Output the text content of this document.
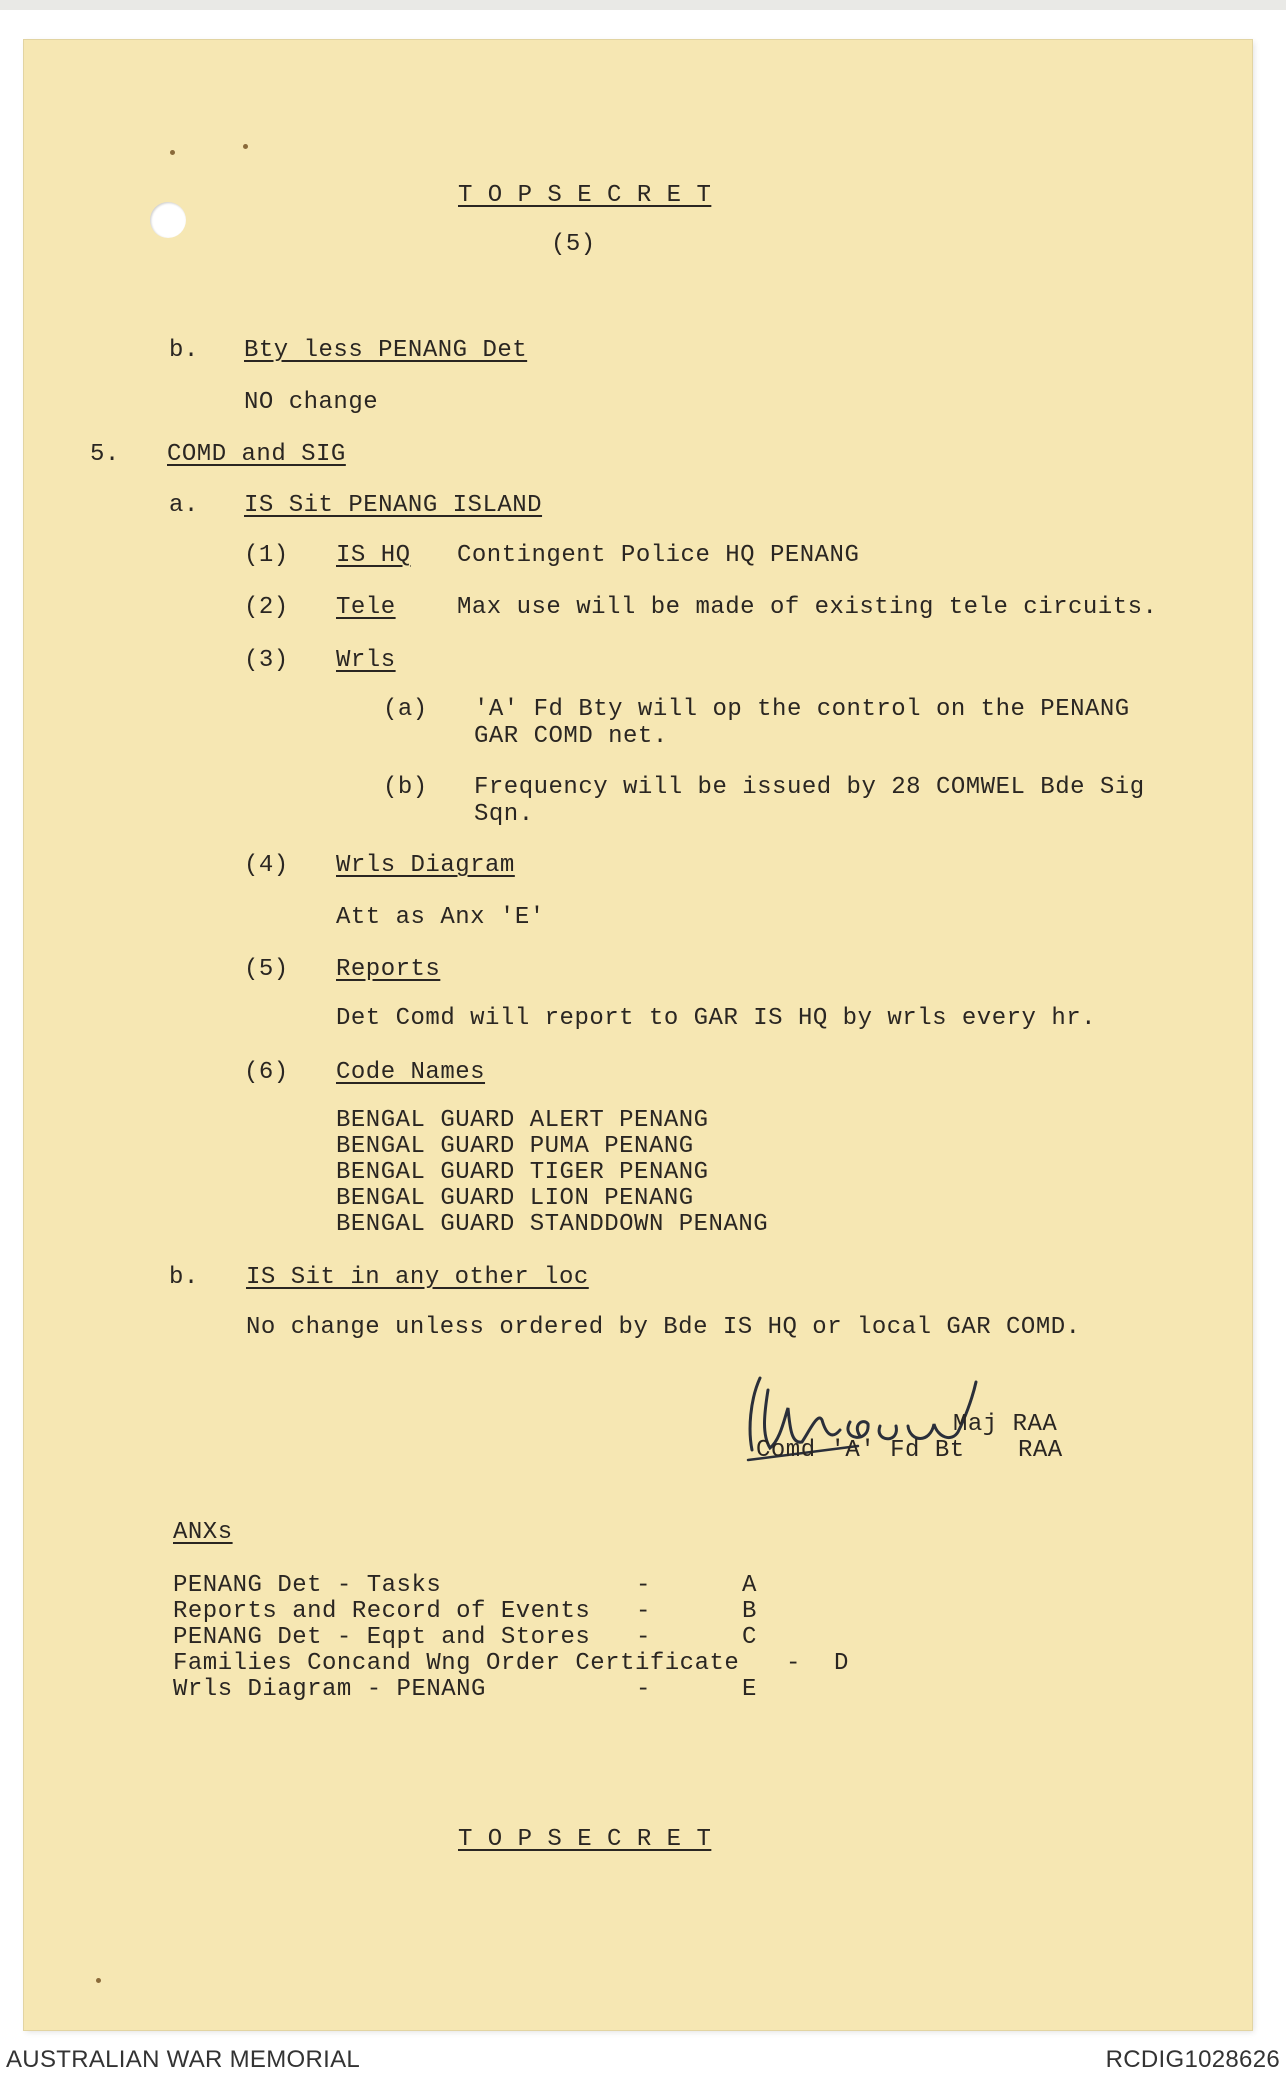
T O P S E C R E T
(5)
b. Bty less PENANG Det
NO change
5. COMD and SIG
a. IS Sit PENANG ISLAND
(1) IS HQ Contingent Police HQ PENANG
(2) Tele	Max use will be made of existing tele circuits.
(3) Wrls
(a) 'A' Fd Bty will op the control on the PENANG
GAR COMD net.
(b) Frequency will be issued by 28 COMWEL Bde Sig
Sqn.
(4) Wrls Diagram
Att as Anx 'E'
(5) Reports
Det Comd will report to GAR IS HQ by wrls every hr.
(6) Code Names
BENGAL GUARD ALERT PENANG
BENGAL GUARD PUMA PENANG
BENGAL GUARD TIGER PENANG
BENGAL GUARD LION PENANG
BENGAL GUARD STANDDOWN PENANG
b. IS Sit in any other loc
No change unless ordered by Bde IS HQ or local GAR COMD.
Maj RAA
Comd 'A' Fd Bt RAA
ANXs
PENANG Det - Tasks	-	A
Reports and Record of Events -	B
PENANG Det - Eqpt and Stores -	C
Families Concand Wng Order Certificate - D
Wrls Diagram - PENANG	-	E
T O P S E C R E T
AUSTRALIAN WAR MEMORIAL	RCDIG1028626
